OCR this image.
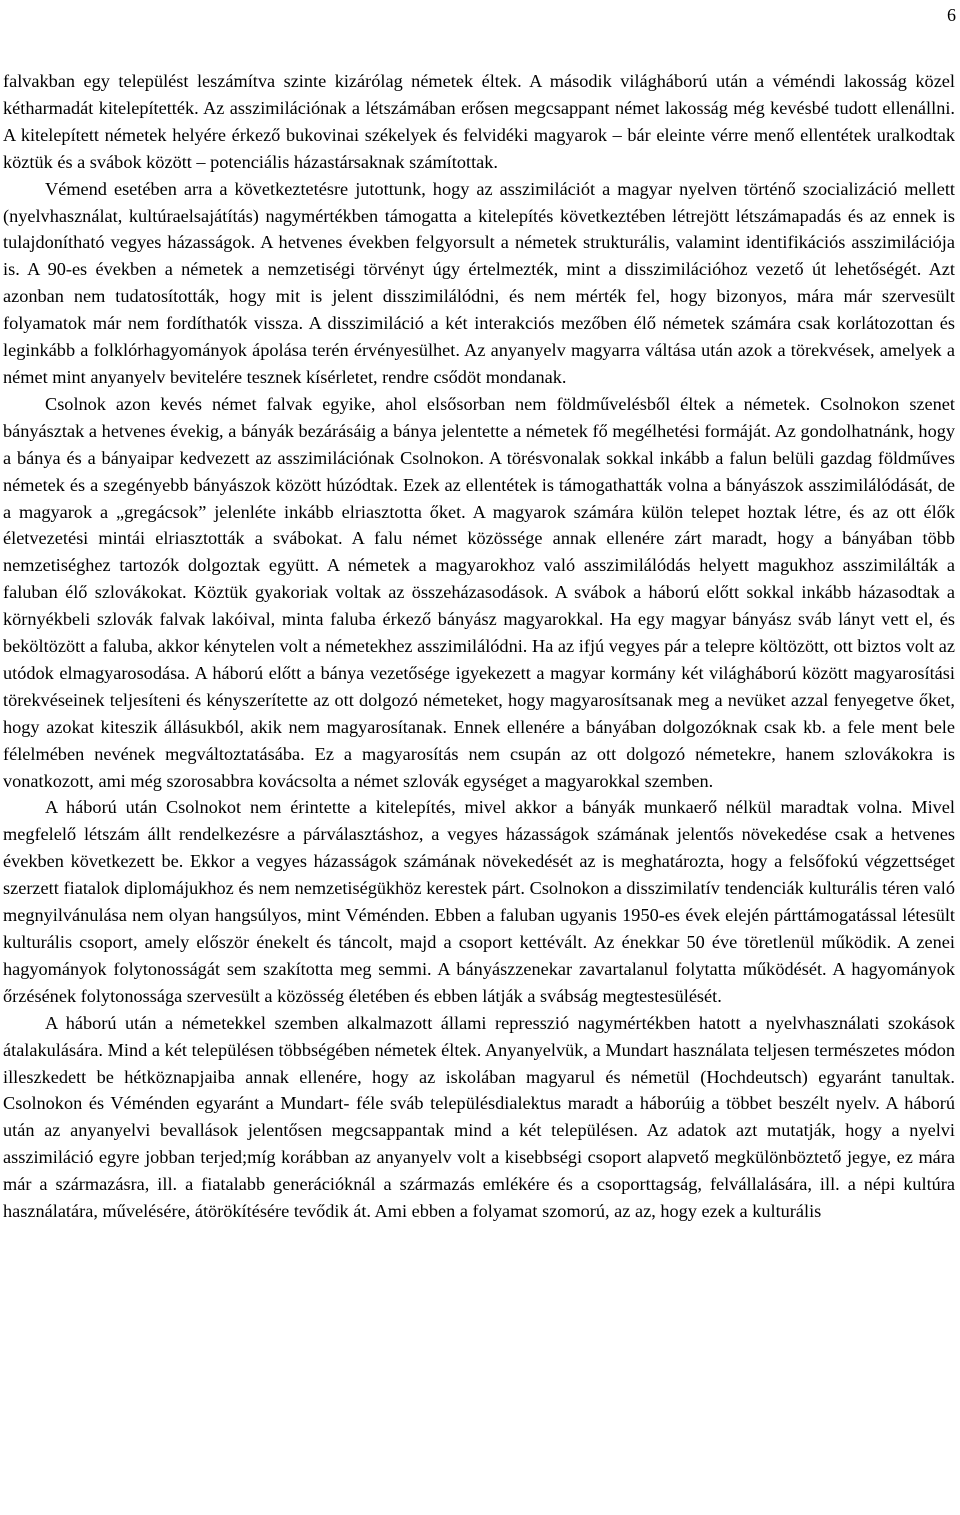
6

falvakban egy települést leszámítva szinte kizárólag németek éltek. A második világháború után a véméndi lakosság közel kétharmadát kitelepítették. Az asszimilációnak a létszámában erősen megcsappant német lakosság még kevésbé tudott ellenállni. A kitelepített németek helyére érkező bukovinai székelyek és felvidéki magyarok – bár eleinte vérre menő ellentétek uralkodtak köztük és a svábok között – potenciális házastársaknak számítottak.

Vémend esetében arra a következtetésre jutottunk, hogy az asszimilációt a magyar nyelven történő szocializáció mellett (nyelvhasználat, kultúraelsajátítás) nagymértékben támogatta a kitelepítés következtében létrejött létszámapadás és az ennek is tulajdonítható vegyes házasságok. A hetvenes években felgyorsult a németek strukturális, valamint identifikációs asszimilációja is. A 90-es években a németek a nemzetiségi törvényt úgy értelmezték, mint a disszimilációhoz vezető út lehetőségét. Azt azonban nem tudatosították, hogy mit is jelent disszimilálódni, és nem mérték fel, hogy bizonyos, mára már szervesült folyamatok már nem fordíthatók vissza. A disszimiláció a két interakciós mezőben élő németek számára csak korlátozottan és leginkább a folklórhagyományok ápolása terén érvényesülhet. Az anyanyelv magyarra váltása után azok a törekvések, amelyek a német mint anyanyelv bevitelére tesznek kísérletet, rendre csődöt mondanak.

Csolnok azon kevés német falvak egyike, ahol elsősorban nem földművelésből éltek a németek. Csolnokon szenet bányásztak a hetvenes évekig, a bányák bezárásáig a bánya jelentette a németek fő megélhetési formáját. Az gondolhatnánk, hogy a bánya és a bányaipar kedvezett az asszimilációnak Csolnokon. A törésvonalak sokkal inkább a falun belüli gazdag földműves németek és a szegényebb bányászok között húzódtak. Ezek az ellentétek is támogathatták volna a bányászok asszimilálódását, de a magyarok a „gregácsok” jelenléte inkább elriasztotta őket. A magyarok számára külön telepet hoztak létre, és az ott élők életvezetési mintái elriasztották a svábokat. A falu német közössége annak ellenére zárt maradt, hogy a bányában több nemzetiséghez tartozók dolgoztak együtt. A németek a magyarokhoz való asszimilálódás helyett magukhoz asszimilálták a faluban élő szlovákokat. Köztük gyakoriak voltak az összeházasodások. A svábok a háború előtt sokkal inkább házasodtak a környékbeli szlovák falvak lakóival, minta faluba érkező bányász magyarokkal. Ha egy magyar bányász sváb lányt vett el, és beköltözött a faluba, akkor kénytelen volt a németekhez asszimilálódni. Ha az ifjú vegyes pár a telepre költözött, ott biztos volt az utódok elmagyarosodása. A háború előtt a bánya vezetősége igyekezett a magyar kormány két világháború között magyarosítási törekvéseinek teljesíteni és kényszerítette az ott dolgozó németeket, hogy magyarosítsanak meg a nevüket azzal fenyegetve őket, hogy azokat kiteszik állásukból, akik nem magyarosítanak. Ennek ellenére a bányában dolgozóknak csak kb. a fele ment bele félelmében nevének megváltoztatásába. Ez a magyarosítás nem csupán az ott dolgozó németekre, hanem szlovákokra is vonatkozott, ami még szorosabbra kovácsolta a német szlovák egységet a magyarokkal szemben.

A háború után Csolnokot nem érintette a kitelepítés, mivel akkor a bányák munkaerő nélkül maradtak volna. Mivel megfelelő létszám állt rendelkezésre a párválasztáshoz, a vegyes házasságok számának jelentős növekedése csak a hetvenes években következett be. Ekkor a vegyes házasságok számának növekedését az is meghatározta, hogy a felsőfokú végzettséget szerzett fiatalok diplomájukhoz és nem nemzetiségükhöz kerestek párt. Csolnokon a disszimilatív tendenciák kulturális téren való megnyilvánulása nem olyan hangsúlyos, mint Véménden. Ebben a faluban ugyanis 1950-es évek elején párttámogatással létesült kulturális csoport, amely először énekelt és táncolt, majd a csoport kettévált. Az énekkar 50 éve töretlenül működik. A zenei hagyományok folytonosságát sem szakította meg semmi. A bányászzenekar zavartalanul folytatta működését. A hagyományok őrzésének folytonossága szervesült a közösség életében és ebben látják a svábság megtestesülését.

A háború után a németekkel szemben alkalmazott állami represszió nagymértékben hatott a nyelvhasználati szokások átalakulására. Mind a két településen többségében németek éltek. Anyanyelvük, a Mundart használata teljesen természetes módon illeszkedett be hétköznapjaiba annak ellenére, hogy az iskolában magyarul és németül (Hochdeutsch) egyaránt tanultak. Csolnokon és Véménden egyaránt a Mundart- féle sváb településdialektus maradt a háborúig a többet beszélt nyelv. A háború után az anyanyelvi bevallások jelentősen megcsappantak mind a két településen. Az adatok azt mutatják, hogy a nyelvi asszimiláció egyre jobban terjed;míg korábban az anyanyelv volt a kisebbségi csoport alapvető megkülönböztető jegye, ez mára már a származásra, ill. a fiatalabb generációknál a származás emlékére és a csoporttagság, felvállalására, ill. a népi kultúra használatára, művelésére, átörökítésére tevődik át. Ami ebben a folyamat szomorú, az az, hogy ezek a kulturális
